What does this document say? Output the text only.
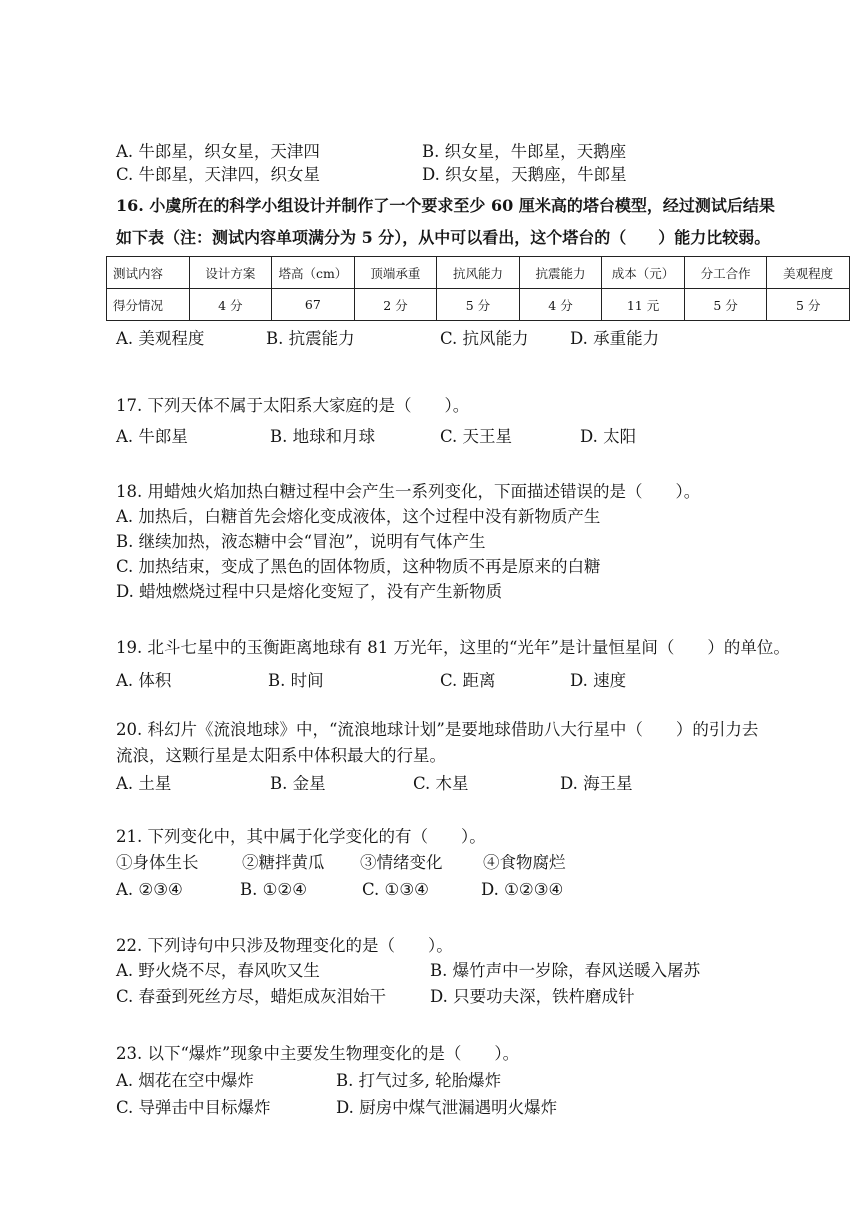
A. 牛郎星，织女星，天津四	B. 织女星，牛郎星，天鹅座
C. 牛郎星，天津四，织女星	D. 织女星，天鹅座，牛郎星
16. 小虞所在的科学小组设计并制作了一个要求至少 60 厘米高的塔台模型，经过测试后结果
如下表（注：测试内容单项满分为 5 分），从中可以看出，这个塔台的（　　）能力比较弱。
测试内容	设计方案	塔高（cm）	顶端承重	抗风能力	抗震能力	成本（元）	分工合作	美观程度
得分情况	4 分	67	2 分	5 分	4 分	11 元	5 分	5 分
A. 美观程度	B. 抗震能力	C. 抗风能力	D. 承重能力
17. 下列天体不属于太阳系大家庭的是（　　）。
A. 牛郎星	B. 地球和月球	C. 天王星	D. 太阳
18. 用蜡烛火焰加热白糖过程中会产生一系列变化，下面描述错误的是（　　）。
A. 加热后，白糖首先会熔化变成液体，这个过程中没有新物质产生
B. 继续加热，液态糖中会“冒泡”，说明有气体产生
C. 加热结束，变成了黑色的固体物质，这种物质不再是原来的白糖
D. 蜡烛燃烧过程中只是熔化变短了，没有产生新物质
19. 北斗七星中的玉衡距离地球有 81 万光年，这里的“光年”是计量恒星间（　　）的单位。
A. 体积	B. 时间	C. 距离	D. 速度
20. 科幻片《流浪地球》中，“流浪地球计划”是要地球借助八大行星中（　　）的引力去
流浪，这颗行星是太阳系中体积最大的行星。
A. 土星	B. 金星	C. 木星	D. 海王星
21. 下列变化中，其中属于化学变化的有（　　）。
①身体生长	②糖拌黄瓜 ③情绪变化 ④食物腐烂
A. ②③④	B. ①②④	C. ①③④	D. ①②③④
22. 下列诗句中只涉及物理变化的是（　　）。
A. 野火烧不尽，春风吹又生	B. 爆竹声中一岁除，春风送暖入屠苏
C. 春蚕到死丝方尽，蜡炬成灰泪始干	D. 只要功夫深，铁杵磨成针
23. 以下“爆炸”现象中主要发生物理变化的是（　　）。
A. 烟花在空中爆炸	B. 打气过多, 轮胎爆炸
C. 导弹击中目标爆炸	D. 厨房中煤气泄漏遇明火爆炸
